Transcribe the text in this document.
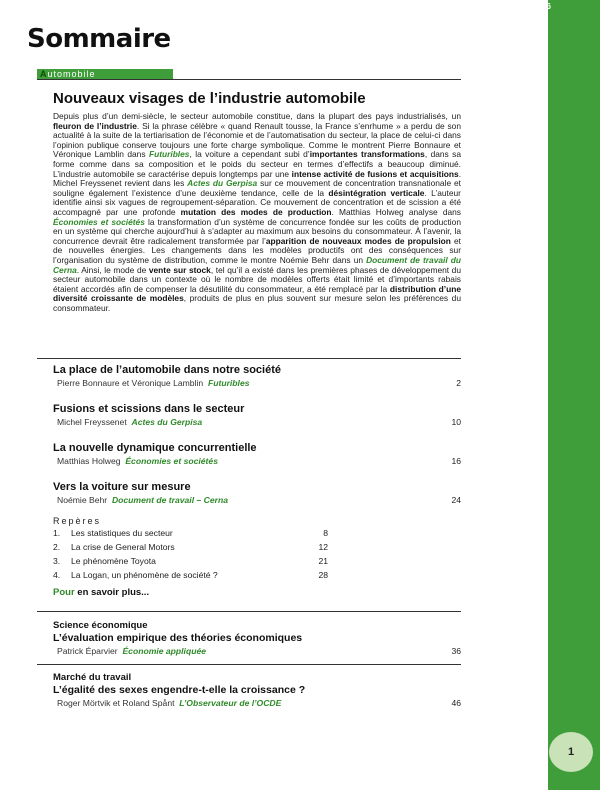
18 janvier 2006
Sommaire
Automobile
Nouveaux visages de l’industrie automobile
Depuis plus d’un demi-siècle, le secteur automobile constitue, dans la plupart des pays industrialisés, un fleuron de l’industrie. Si la phrase célèbre « quand Renault tousse, la France s’enrhume » a perdu de son actualité à la suite de la tertiarisation de l’économie et de l’automatisation du secteur, la place de celui-ci dans l’opinion publique conserve toujours une forte charge symbolique. Comme le montrent Pierre Bonnaure et Véronique Lamblin dans Futuribles, la voiture a cependant subi d’importantes transformations, dans sa forme comme dans sa composition et le poids du secteur en termes d’effectifs a beaucoup diminué. L’industrie automobile se caractérise depuis longtemps par une intense activité de fusions et acquisitions. Michel Freyssenet revient dans les Actes du Gerpisa sur ce mouvement de concentration transnationale et souligne également l’existence d’une deuxième tendance, celle de la désintégration verticale. L’auteur identifie ainsi six vagues de regroupement-séparation. Ce mouvement de concentration et de scission a été accompagné par une profonde mutation des modes de production. Matthias Holweg analyse dans Économies et sociétés la transformation d’un système de concurrence fondée sur les coûts de production en un système qui cherche aujourd’hui à s’adapter au maximum aux besoins du consommateur. À l’avenir, la concurrence devrait être radicalement transformée par l’apparition de nouveaux modes de propulsion et de nouvelles énergies. Les changements dans les modèles productifs ont des conséquences sur l’organisation du système de distribution, comme le montre Noémie Behr dans un Document de travail du Cerna. Ainsi, le mode de vente sur stock, tel qu’il a existé dans les premières phases de développement du secteur automobile dans un contexte où le nombre de modèles offerts était limité et d’importants rabais étaient accordés afin de compenser la désutilité du consommateur, a été remplacé par la distribution d’une diversité croissante de modèles, produits de plus en plus souvent sur mesure selon les préférences du consommateur.
La place de l’automobile dans notre société
Pierre Bonnaure et Véronique Lamblin Futuribles	2
Fusions et scissions dans le secteur
Michel Freyssenet Actes du Gerpisa	10
La nouvelle dynamique concurrentielle
Matthias Holweg Économies et sociétés	16
Vers la voiture sur mesure
Noémie Behr Document de travail – Cerna	24
Repères
1. Les statistiques du secteur	8
2. La crise de General Motors	12
3. Le phénomène Toyota	21
4. La Logan, un phénomène de société ?	28
Pour en savoir plus...
Science économique
L’évaluation empirique des théories économiques
Patrick Éparvier Économie appliquée	36
Marché du travail
L’égalité des sexes engendre-t-elle la croissance ?
Roger Mörtvik et Roland Spånt L’Observateur de l’OCDE	46
1
